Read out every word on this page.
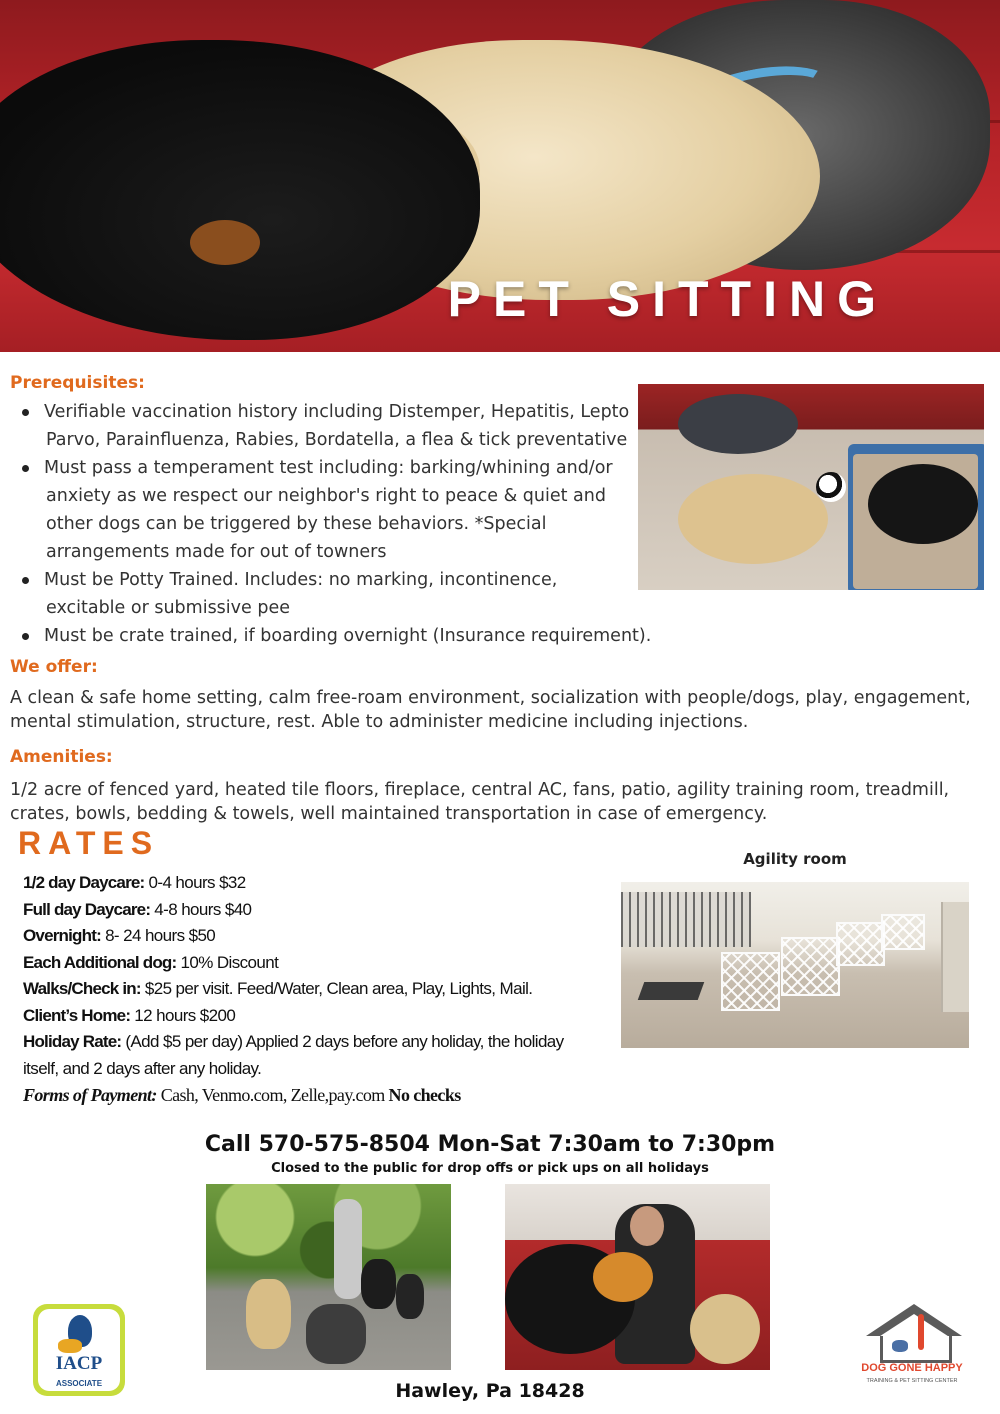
PET SITTING
Prerequisites:
Verifiable vaccination history including Distemper, Hepatitis, Lepto
Parvo, Parainfluenza, Rabies, Bordatella, a flea & tick preventative
Must pass a temperament test including: barking/whining and/or
anxiety as we respect our neighbor's right to peace & quiet and
other dogs can be triggered by these behaviors. *Special
arrangements made for out of towners
Must be Potty Trained. Includes: no marking, incontinence,
excitable or submissive pee
Must be crate trained, if boarding overnight (Insurance requirement).
We offer:

A clean & safe home setting, calm free-roam environment, socialization with people/dogs, play, engagement,
mental stimulation, structure, rest. Able to administer medicine including injections.

Amenities:

1/2 acre of fenced yard, heated tile floors, fireplace, central AC, fans, patio, agility training room, treadmill,
crates, bowls, bedding & towels, well maintained transportation in case of emergency.

RATES
1/2 day Daycare: 0-4 hours $32
Full day Daycare: 4-8 hours $40
Overnight: 8- 24 hours $50
Each Additional dog: 10% Discount
Walks/Check in: $25 per visit. Feed/Water, Clean area, Play, Lights, Mail.
Client’s Home: 12 hours $200
Holiday Rate: (Add $5 per day) Applied 2 days before any holiday, the holiday
itself, and 2 days after any holiday.
Forms of Payment: Cash, Venmo.com, Zelle,pay.com No checks
Agility room
Call 570-575-8504 Mon-Sat 7:30am to 7:30pm
Closed to the public for drop offs or pick ups on all holidays
IACP
ASSOCIATE
DOG GONE HAPPY
TRAINING & PET SITTING CENTER
Hawley, Pa 18428
